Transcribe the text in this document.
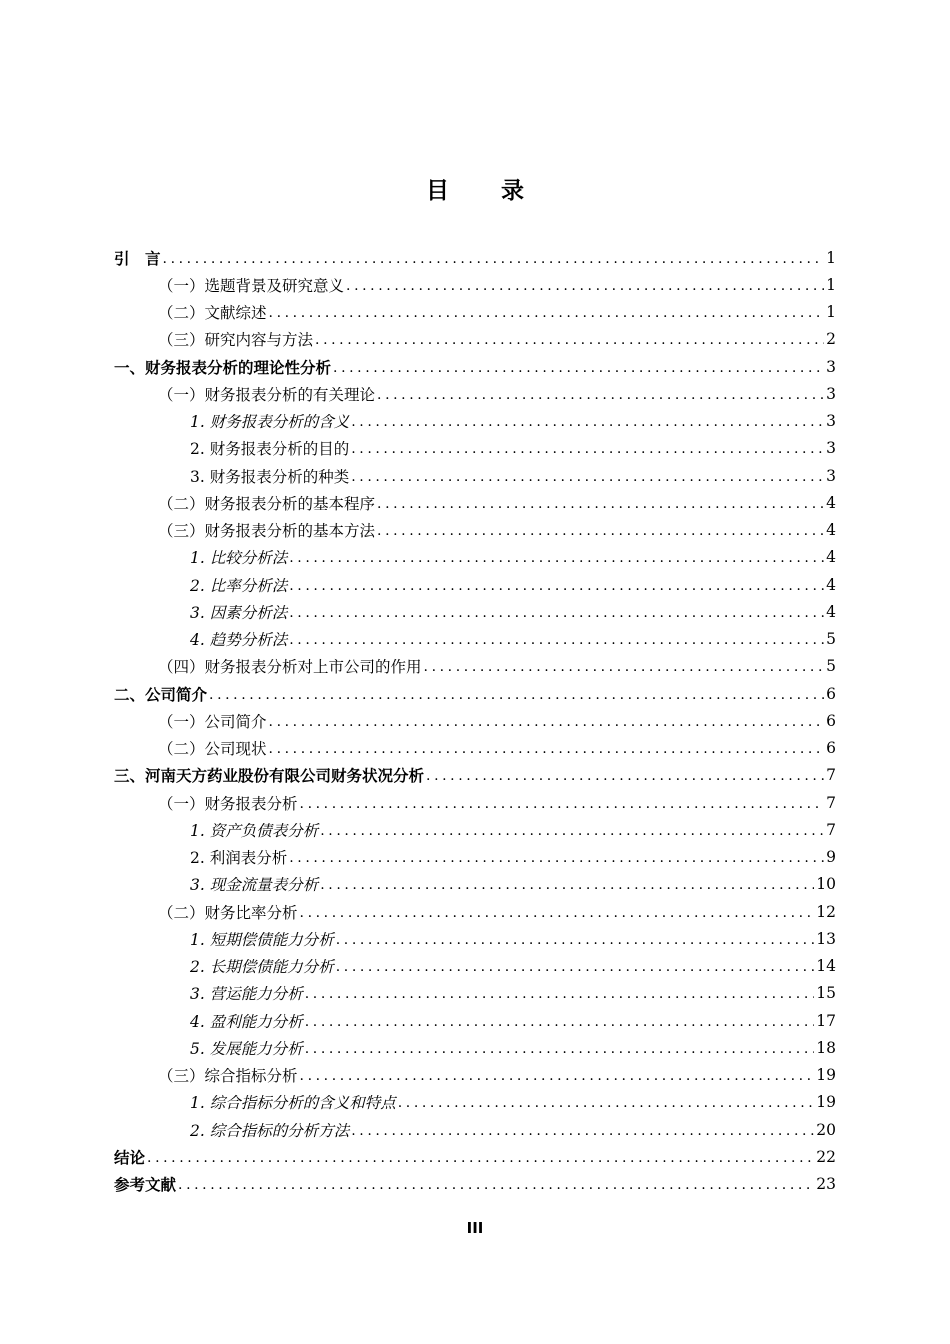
目 录
引　言 .....	1
（一）选题背景及研究意义 .....	1
（二）文献综述 .....	1
（三）研究内容与方法 .....	2
一、财务报表分析的理论性分析 .....	3
（一）财务报表分析的有关理论 .....	3
1. 财务报表分析的含义 .....	3
2. 财务报表分析的目的 .....	3
3. 财务报表分析的种类 .....	3
（二）财务报表分析的基本程序 .....	4
（三）财务报表分析的基本方法 .....	4
1. 比较分析法 .....	4
2. 比率分析法 .....	4
3. 因素分析法 .....	4
4. 趋势分析法 .....	5
（四）财务报表分析对上市公司的作用 .....	5
二、公司简介 .....	6
（一）公司简介 .....	6
（二）公司现状 .....	6
三、河南天方药业股份有限公司财务状况分析 .....	7
（一）财务报表分析 .....	7
1. 资产负债表分析 .....	7
2. 利润表分析 .....	9
3. 现金流量表分析 .....	10
（二）财务比率分析 .....	12
1. 短期偿债能力分析 .....	13
2. 长期偿债能力分析 .....	14
3. 营运能力分析 .....	15
4. 盈利能力分析 .....	17
5. 发展能力分析 .....	18
（三）综合指标分析 .....	19
1. 综合指标分析的含义和特点 .....	19
2. 综合指标的分析方法 .....	20
结论 .....	22
参考文献 .....	23
III
